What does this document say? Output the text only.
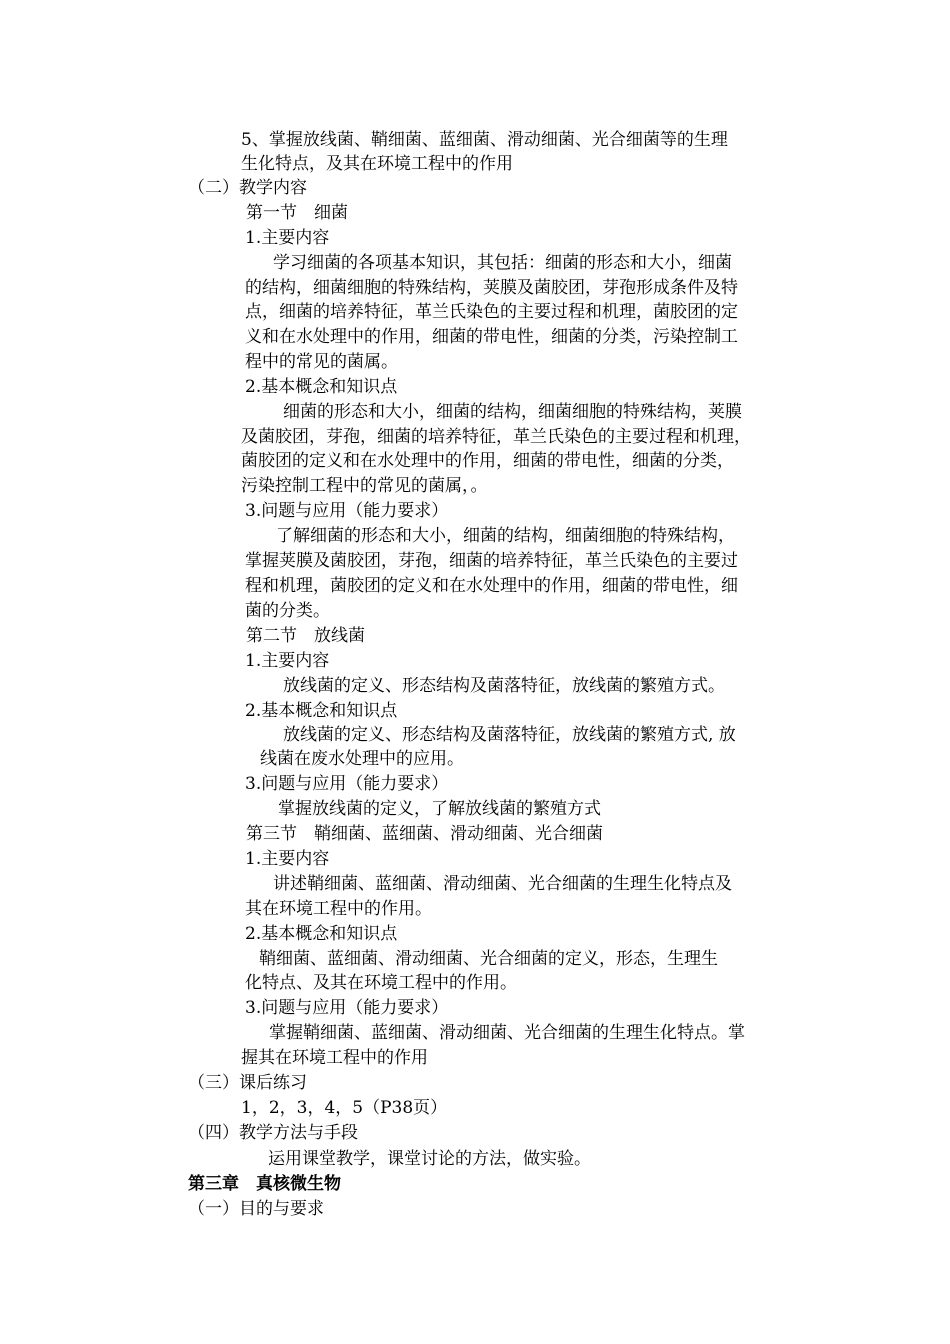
5、掌握放线菌、鞘细菌、蓝细菌、滑动细菌、光合细菌等的生理
生化特点，及其在环境工程中的作用
（二）教学内容
第一节　细菌
1.主要内容
学习细菌的各项基本知识，其包括：细菌的形态和大小，细菌
的结构，细菌细胞的特殊结构，荚膜及菌胶团，芽孢形成条件及特
点，细菌的培养特征，革兰氏染色的主要过程和机理，菌胶团的定
义和在水处理中的作用，细菌的带电性，细菌的分类，污染控制工
程中的常见的菌属。
2.基本概念和知识点
细菌的形态和大小，细菌的结构，细菌细胞的特殊结构，荚膜
及菌胶团，芽孢，细菌的培养特征，革兰氏染色的主要过程和机理，
菌胶团的定义和在水处理中的作用，细菌的带电性，细菌的分类，
污染控制工程中的常见的菌属，。
3.问题与应用（能力要求）
了解细菌的形态和大小，细菌的结构，细菌细胞的特殊结构，
掌握荚膜及菌胶团，芽孢，细菌的培养特征，革兰氏染色的主要过
程和机理，菌胶团的定义和在水处理中的作用，细菌的带电性，细
菌的分类。
第二节　放线菌
1.主要内容
放线菌的定义、形态结构及菌落特征，放线菌的繁殖方式。
2.基本概念和知识点
放线菌的定义、形态结构及菌落特征，放线菌的繁殖方式, 放
线菌在废水处理中的应用。
3.问题与应用（能力要求）
掌握放线菌的定义，了解放线菌的繁殖方式
第三节　鞘细菌、蓝细菌、滑动细菌、光合细菌
1.主要内容
讲述鞘细菌、蓝细菌、滑动细菌、光合细菌的生理生化特点及
其在环境工程中的作用。
2.基本概念和知识点
鞘细菌、蓝细菌、滑动细菌、光合细菌的定义，形态，生理生
化特点、及其在环境工程中的作用。
3.问题与应用（能力要求）
掌握鞘细菌、蓝细菌、滑动细菌、光合细菌的生理生化特点。掌
握其在环境工程中的作用
（三）课后练习
1，2，3，4，5（P38页）
（四）教学方法与手段
运用课堂教学，课堂讨论的方法，做实验。
第三章　真核微生物
（一）目的与要求
